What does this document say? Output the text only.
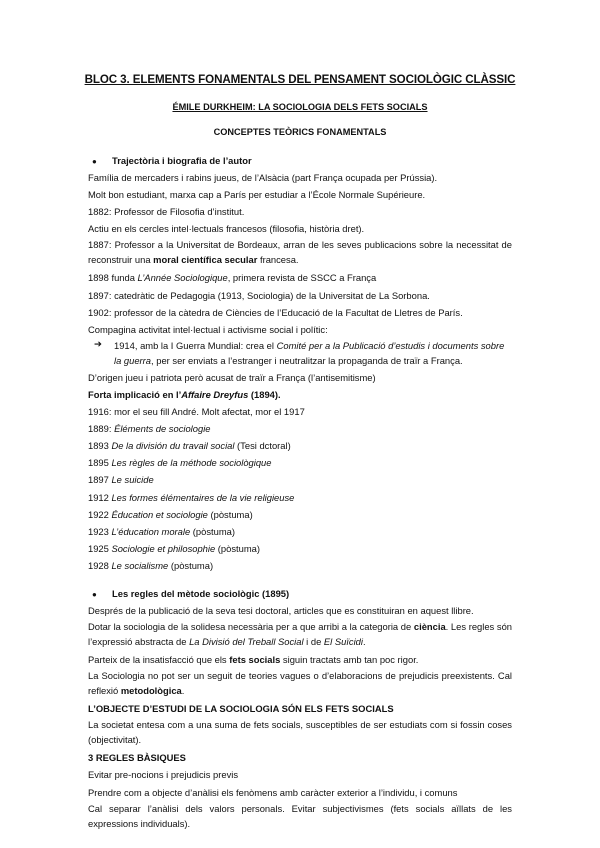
BLOC 3. ELEMENTS FONAMENTALS DEL PENSAMENT SOCIOLÒGIC CLÀSSIC
ÉMILE DURKHEIM: LA SOCIOLOGIA DELS FETS SOCIALS
CONCEPTES TEÒRICS FONAMENTALS
● Trajectòria i biografia de l’autor
Família de mercaders i rabins jueus, de l’Alsàcia (part França ocupada per Prússia).
Molt bon estudiant, marxa cap a París per estudiar a l’École Normale Supérieure.
1882: Professor de Filosofia d’institut.
Actiu en els cercles intel·lectuals francesos (filosofia, història dret).
1887: Professor a la Universitat de Bordeaux, arran de les seves publicacions sobre la necessitat de reconstruir una moral científica secular francesa.
1898 funda L’Année Sociologique, primera revista de SSCC a França
1897: catedràtic de Pedagogia (1913, Sociologia) de la Universitat de La Sorbona.
1902: professor de la càtedra de Ciències de l’Educació de la Facultat de Lletres de París.
Compagina activitat intel·lectual i activisme social i polític:
➔	1914, amb la I Guerra Mundial: crea el Comité per a la Publicació d’estudis i documents sobre la guerra, per ser enviats a l’estranger i neutralitzar la propaganda de traïr a França.
D’origen jueu i patriota però acusat de traïr a França (l’antisemitisme)
Forta implicació en l’Affaire Dreyfus (1894).
1916: mor el seu fill André. Molt afectat, mor el 1917
1889: Éléments de sociologie
1893 De la división du travail social (Tesi dctoral)
1895 Les règles de la méthode sociològique
1897 Le suicide
1912 Les formes élémentaires de la vie religieuse
1922 Éducation et sociologie (pòstuma)
1923 L’éducation morale (pòstuma)
1925 Sociologie et philosophie (pòstuma)
1928 Le socialisme (pòstuma)
● Les regles del mètode sociològic (1895)
Després de la publicació de la seva tesi doctoral, articles que es constituiran en aquest llibre.
Dotar la sociologia de la solidesa necessària per a que arribi a la categoria de ciència. Les regles són l’expressió abstracta de La Divisió del Treball Social i de El Suïcidi.
Parteix de la insatisfacció que els fets socials siguin tractats amb tan poc rigor.
La Sociologia no pot ser un seguit de teories vagues o d’elaboracions de prejudicis preexistents. Cal reflexió metodològica.
L’OBJECTE D’ESTUDI DE LA SOCIOLOGIA SÓN ELS FETS SOCIALS
La societat entesa com a una suma de fets socials, susceptibles de ser estudiats com si fossin coses (objectivitat).
3 REGLES BÀSIQUES
Evitar pre-nocions i prejudicis previs
Prendre com a objecte d’anàlisi els fenòmens amb caràcter exterior a l’individu, i comuns
Cal separar l’anàlisi dels valors personals. Evitar subjectivismes (fets socials aïllats de les expressions individuals).
